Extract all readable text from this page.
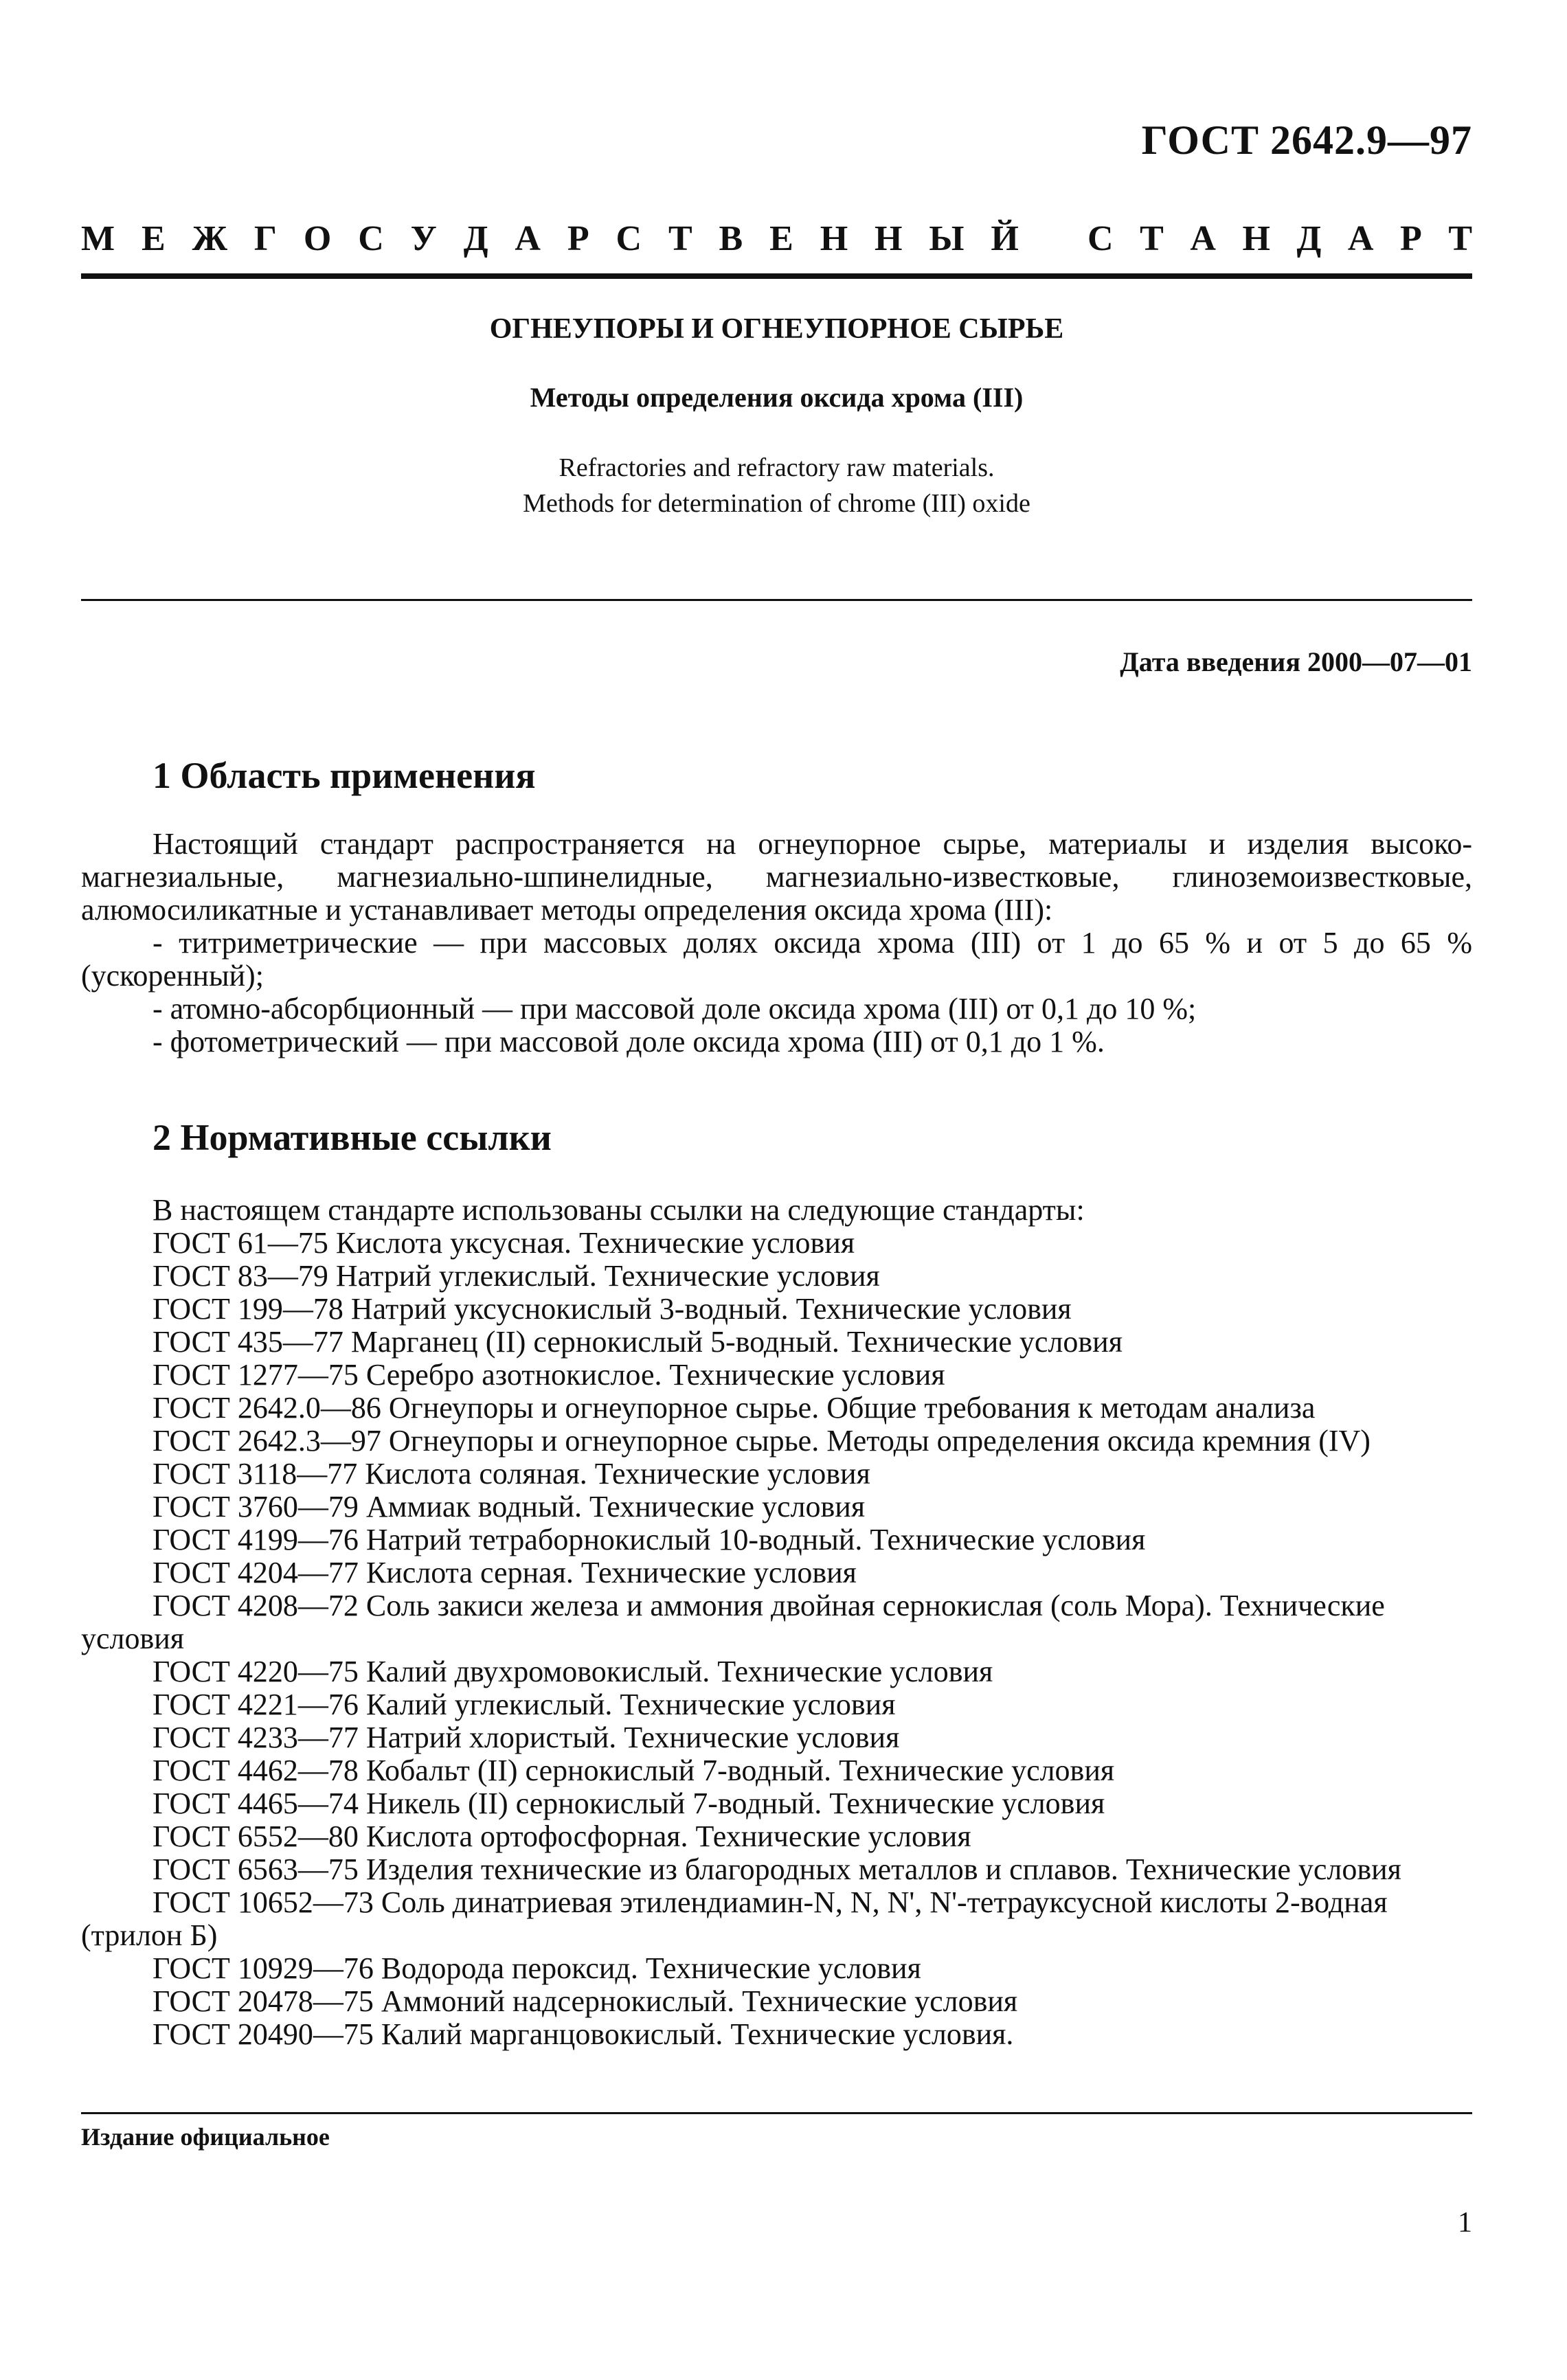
ГОСТ 2642.9—97
М Е Ж Г О С У Д А Р С Т В Е Н Н Ы Й С Т А Н Д А Р Т
ОГНЕУПОРЫ И ОГНЕУПОРНОЕ СЫРЬЕ
Методы определения оксида хрома (III)
Refractories and refractory raw materials.
Methods for determination of chrome (III) oxide
Дата введения 2000—07—01
1 Область применения

Настоящий стандарт распространяется на огнеупорное сырье, материалы и изделия высоко-магнезиальные, магнезиально-шпинелидные, магнезиально-известковые, глиноземоизвестковые, алюмосиликатные и устанавливает методы определения оксида хрома (III):

- титриметрические — при массовых долях оксида хрома (III) от 1 до 65 % и от 5 до 65 % (ускоренный);

- атомно-абсорбционный — при массовой доле оксида хрома (III) от 0,1 до 10 %;

- фотометрический — при массовой доле оксида хрома (III) от 0,1 до 1 %.

2 Нормативные ссылки

В настоящем стандарте использованы ссылки на следующие стандарты:

ГОСТ 61—75 Кислота уксусная. Технические условия

ГОСТ 83—79 Натрий углекислый. Технические условия

ГОСТ 199—78 Натрий уксуснокислый 3-водный. Технические условия

ГОСТ 435—77 Марганец (II) сернокислый 5-водный. Технические условия

ГОСТ 1277—75 Серебро азотнокислое. Технические условия

ГОСТ 2642.0—86 Огнеупоры и огнеупорное сырье. Общие требования к методам анализа

ГОСТ 2642.3—97 Огнеупоры и огнеупорное сырье. Методы определения оксида кремния (IV)

ГОСТ 3118—77 Кислота соляная. Технические условия

ГОСТ 3760—79 Аммиак водный. Технические условия

ГОСТ 4199—76 Натрий тетраборнокислый 10-водный. Технические условия

ГОСТ 4204—77 Кислота серная. Технические условия

ГОСТ 4208—72 Соль закиси железа и аммония двойная сернокислая (соль Мора). Технические условия

ГОСТ 4220—75 Калий двухромовокислый. Технические условия

ГОСТ 4221—76 Калий углекислый. Технические условия

ГОСТ 4233—77 Натрий хлористый. Технические условия

ГОСТ 4462—78 Кобальт (II) сернокислый 7-водный. Технические условия

ГОСТ 4465—74 Никель (II) сернокислый 7-водный. Технические условия

ГОСТ 6552—80 Кислота ортофосфорная. Технические условия

ГОСТ 6563—75 Изделия технические из благородных металлов и сплавов. Технические условия

ГОСТ 10652—73 Соль динатриевая этилендиамин-N, N, N', N'-тетрауксусной кислоты 2-водная (трилон Б)

ГОСТ 10929—76 Водорода пероксид. Технические условия

ГОСТ 20478—75 Аммоний надсернокислый. Технические условия

ГОСТ 20490—75 Калий марганцовокислый. Технические условия.

Издание официальное
1
